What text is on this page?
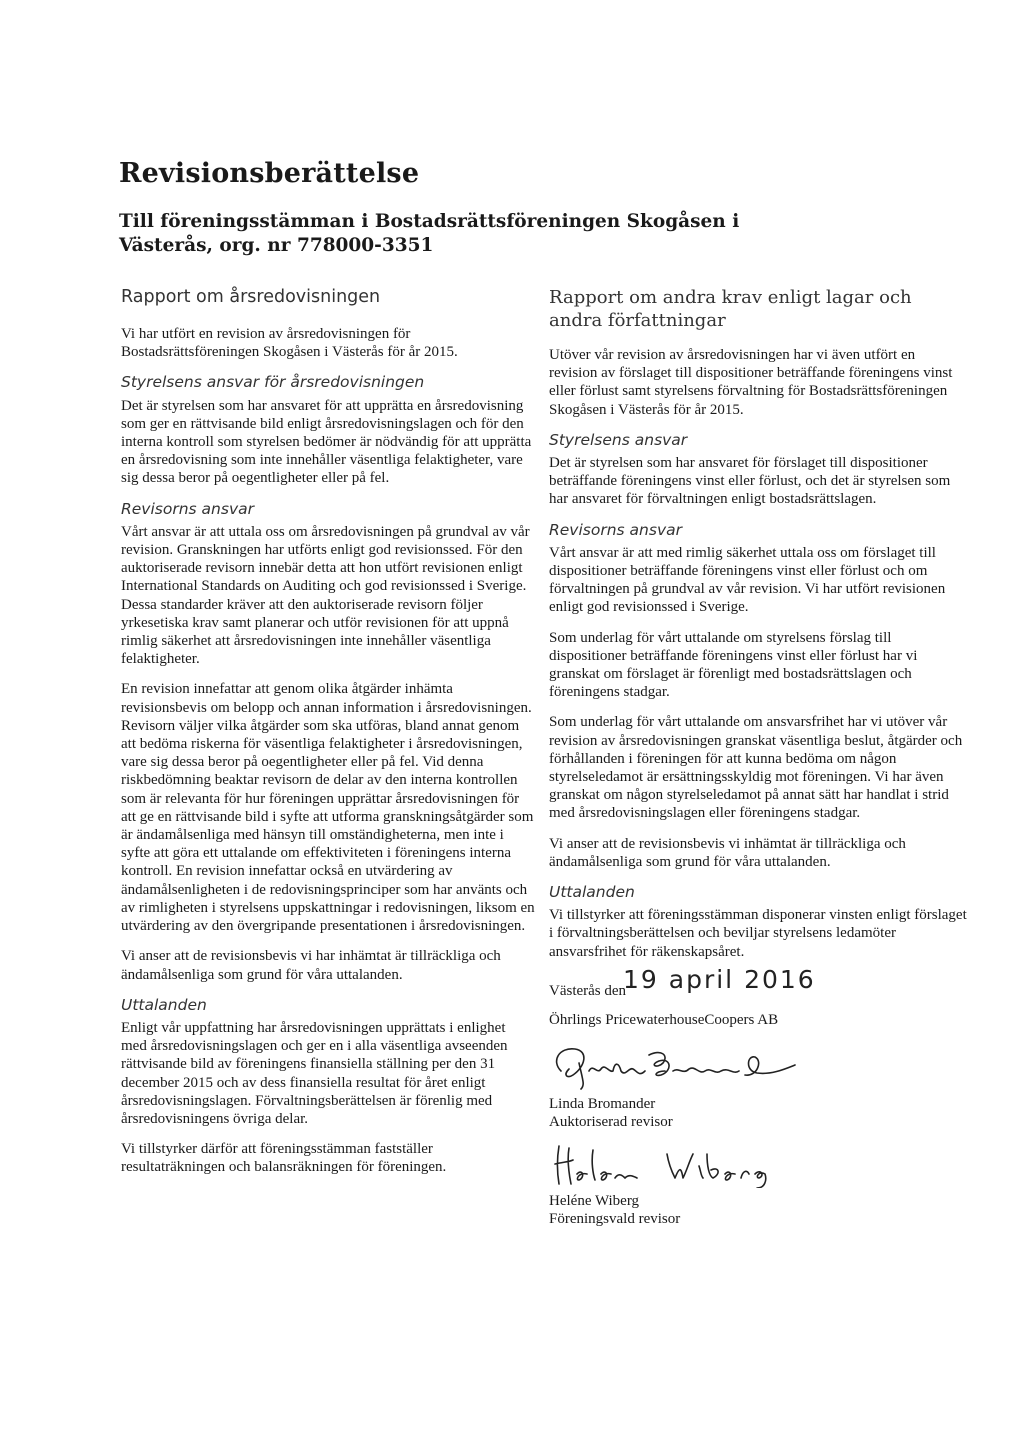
Revisionsberättelse
Till föreningsstämman i Bostadsrättsföreningen Skogåsen i Västerås, org. nr 778000-3351
Rapport om årsredovisningen

Vi har utfört en revision av årsredovisningen för Bostadsrättsföreningen Skogåsen i Västerås för år 2015.

Styrelsens ansvar för årsredovisningen

Det är styrelsen som har ansvaret för att upprätta en årsredovisning som ger en rättvisande bild enligt årsredovisningslagen och för den interna kontroll som styrelsen bedömer är nödvändig för att upprätta en årsredovisning som inte innehåller väsentliga felaktigheter, vare sig dessa beror på oegentligheter eller på fel.

Revisorns ansvar

Vårt ansvar är att uttala oss om årsredovisningen på grundval av vår revision. Granskningen har utförts enligt god revisionssed. För den auktoriserade revisorn innebär detta att hon utfört revisionen enligt International Standards on Auditing och god revisionssed i Sverige. Dessa standarder kräver att den auktoriserade revisorn följer yrkesetiska krav samt planerar och utför revisionen för att uppnå rimlig säkerhet att årsredovisningen inte innehåller väsentliga felaktigheter.

En revision innefattar att genom olika åtgärder inhämta revisionsbevis om belopp och annan information i årsredovisningen. Revisorn väljer vilka åtgärder som ska utföras, bland annat genom att bedöma riskerna för väsentliga felaktigheter i årsredovisningen, vare sig dessa beror på oegentligheter eller på fel. Vid denna riskbedömning beaktar revisorn de delar av den interna kontrollen som är relevanta för hur föreningen upprättar årsredovisningen för att ge en rättvisande bild i syfte att utforma granskningsåtgärder som är ändamålsenliga med hänsyn till omständigheterna, men inte i syfte att göra ett uttalande om effektiviteten i föreningens interna kontroll. En revision innefattar också en utvärdering av ändamålsenligheten i de redovisningsprinciper som har använts och av rimligheten i styrelsens uppskattningar i redovisningen, liksom en utvärdering av den övergripande presentationen i årsredovisningen.

Vi anser att de revisionsbevis vi har inhämtat är tillräckliga och ändamålsenliga som grund för våra uttalanden.

Uttalanden

Enligt vår uppfattning har årsredovisningen upprättats i enlighet med årsredovisningslagen och ger en i alla väsentliga avseenden rättvisande bild av föreningens finansiella ställning per den 31 december 2015 och av dess finansiella resultat för året enligt årsredovisningslagen. Förvaltningsberättelsen är förenlig med årsredovisningens övriga delar.

Vi tillstyrker därför att föreningsstämman fastställer resultaträkningen och balansräkningen för föreningen.

Rapport om andra krav enligt lagar och andra författningar

Utöver vår revision av årsredovisningen har vi även utfört en revision av förslaget till dispositioner beträffande föreningens vinst eller förlust samt styrelsens förvaltning för Bostadsrättsföreningen Skogåsen i Västerås för år 2015.

Styrelsens ansvar

Det är styrelsen som har ansvaret för förslaget till dispositioner beträffande föreningens vinst eller förlust, och det är styrelsen som har ansvaret för förvaltningen enligt bostadsrättslagen.

Revisorns ansvar

Vårt ansvar är att med rimlig säkerhet uttala oss om förslaget till dispositioner beträffande föreningens vinst eller förlust och om förvaltningen på grundval av vår revision. Vi har utfört revisionen enligt god revisionssed i Sverige.

Som underlag för vårt uttalande om styrelsens förslag till dispositioner beträffande föreningens vinst eller förlust har vi granskat om förslaget är förenligt med bostadsrättslagen och föreningens stadgar.

Som underlag för vårt uttalande om ansvarsfrihet har vi utöver vår revision av årsredovisningen granskat väsentliga beslut, åtgärder och förhållanden i föreningen för att kunna bedöma om någon styrelseledamot är ersättningsskyldig mot föreningen. Vi har även granskat om någon styrelseledamot på annat sätt har handlat i strid med årsredovisningslagen eller föreningens stadgar.

Vi anser att de revisionsbevis vi inhämtat är tillräckliga och ändamålsenliga som grund för våra uttalanden.

Uttalanden

Vi tillstyrker att föreningsstämman disponerar vinsten enligt förslaget i förvaltningsberättelsen och beviljar styrelsens ledamöter ansvarsfrihet för räkenskapsåret.

Västerås den
19 april 2016

Öhrlings PricewaterhouseCoopers AB

Linda Bromander

Auktoriserad revisor

Heléne Wiberg

Föreningsvald revisor
